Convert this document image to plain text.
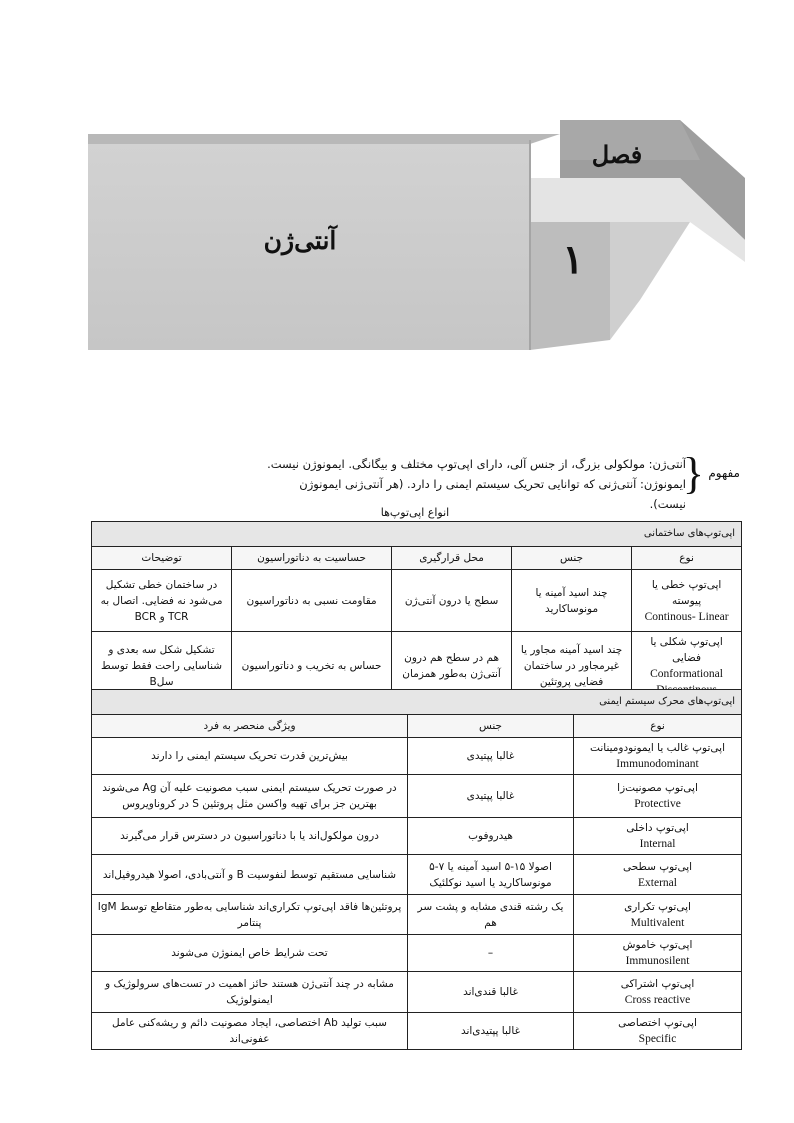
آنتی‌ژن
فصل
۱
مفهوم
{
آنتی‌ژن: مولکولی بزرگ، از جنس آلی، دارای اپی‌توپ مختلف و بیگانگی. ایمونوژن نیست.
ایمونوژن: آنتی‌ژنی که توانایی تحریک سیستم ایمنی را دارد. (هر آنتی‌ژنی ایمونوژن نیست).
انواع اپی‌توپ‌ها
اپی‌توپ‌های ساختمانی				
نوع	جنس	محل قرارگیری	حساسیت به دناتوراسیون	توضیحات

اپی‌توپ خطی یا پیوسته
Continous- Linear	چند اسید آمینه یا مونوساکارید	سطح یا درون آنتی‌ژن	مقاومت نسبی به دناتوراسیون	در ساختمان خطی تشکیل می‌شود نه فضایی. اتصال به TCR و BCR

اپی‌توپ شکلی یا فضایی
Conformational	چند اسید آمینه مجاور یا غیرمجاور در ساختمان فضایی پروتئین	هم در سطح هم درون آنتی‌ژن به‌طور همزمان	حساس به تخریب و دناتوراسیون	تشکیل شکل سه بعدی و شناسایی راحت فقط توسط سلB
اپی‌توپ‌های محرک سیستم ایمنی		
نوع	جنس	ویژگی منحصر به فرد

اپی‌توپ غالب یا ایمونودومینانت
Immunodominant	غالبا پپتیدی	بیش‌ترین قدرت تحریک سیستم ایمنی را دارند

اپی‌توپ مصونیت‌زا
Protective	غالبا پپتیدی	در صورت تحریک سیستم ایمنی سبب مصونیت علیه آن Ag می‌شوند بهترین جز برای تهیه واکسن مثل پروتئین S در کروناویروس

اپی‌توپ داخلی
Internal	هیدروفوب	درون مولکول‌اند یا با دناتوراسیون در دسترس قرار می‌گیرند

اپی‌توپ سطحی
External	اصولا ۱۵-۵ اسید آمینه یا ۷-۵ مونوساکارید یا اسید نوکلئیک	شناسایی مستقیم توسط لنفوسیت B و آنتی‌بادی، اصولا هیدروفیل‌اند

اپی‌توپ تکراری
Multivalent	یک رشته قندی مشابه و پشت سر هم	پروتئین‌ها فاقد اپی‌توپ تکراری‌اند شناسایی به‌طور متقاطع توسط IgM پنتامر

اپی‌توپ خاموش
Immunosilent	–	تحت شرایط خاص ایمنوژن می‌شوند

اپی‌توپ اشتراکی
Cross reactive	غالبا قندی‌اند	مشابه در چند آنتی‌ژن هستند حائز اهمیت در تست‌های سرولوژیک و ایمنولوژیک

اپی‌توپ اختصاصی
Specific	غالبا پپتیدی‌اند	سبب تولید Ab اختصاصی، ایجاد مصونیت دائم و ریشه‌کنی عامل عفونی‌اند
